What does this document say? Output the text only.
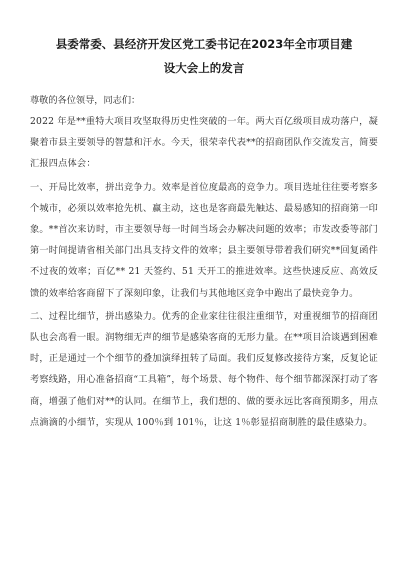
县委常委、县经济开发区党工委书记在2023年全市项目建
设大会上的发言

尊敬的各位领导，同志们：

2022 年是**重特大项目攻坚取得历史性突破的一年。两大百亿级项目成功落户，凝聚着市县主要领导的智慧和汗水。今天，很荣幸代表**的招商团队作交流发言，简要汇报四点体会：

一、开局比效率，拼出竞争力。效率是首位度最高的竞争力。项目选址往往要考察多个城市，必须以效率抢先机、赢主动，这也是客商最先触达、最易感知的招商第一印象。**首次来访时，市主要领导每一时间当场会办解决问题的效率；市发改委等部门第一时间提请省相关部门出具支持文件的效率；县主要领导带着我们研究**回复函件不过夜的效率；百亿** 21 天签约、51 天开工的推进效率。这些快速反应、高效反馈的效率给客商留下了深刻印象，让我们与其他地区竞争中跑出了最快竞争力。

二、过程比细节，拼出感染力。优秀的企业家往往很注重细节，对重视细节的招商团队也会高看一眼。润物细无声的细节是感染客商的无形力量。在**项目洽谈遇到困难时，正是通过一个个细节的叠加演绎扭转了局面。我们反复修改接待方案，反复论证考察线路，用心准备招商“工具箱”，每个场景、每个物件、每个细节都深深打动了客商，增强了他们对**的认同。在细节上，我们想的、做的要永远比客商预期多，用点点滴滴的小细节，实现从 100％到 101％，让这 1％彰显招商制胜的最佳感染力。
